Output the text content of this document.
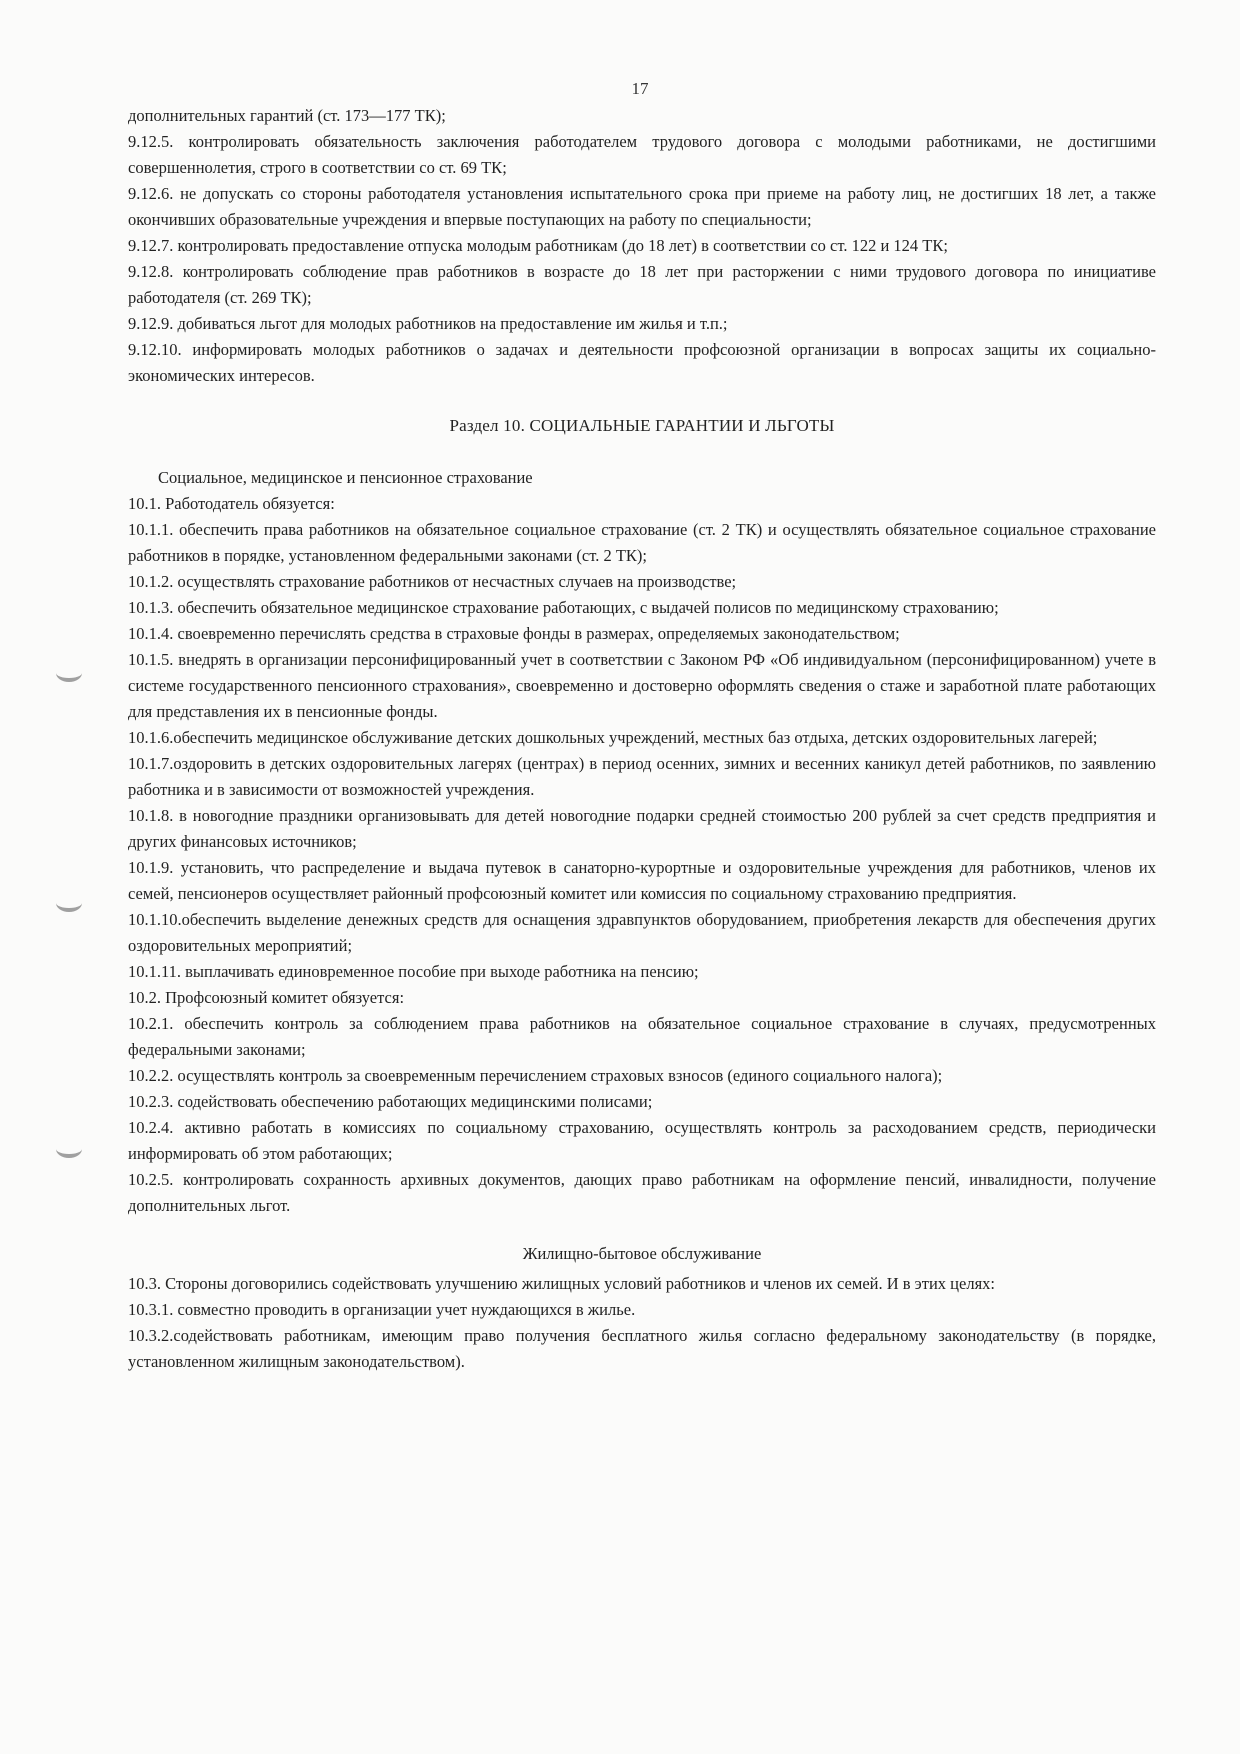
17

дополнительных гарантий (ст. 173—177 ТК);

9.12.5. контролировать обязательность заключения работодателем трудового договора с молодыми работниками, не достигшими совершеннолетия, строго в соответствии со ст. 69 ТК;

9.12.6. не допускать со стороны работодателя установления испытательного срока при приеме на работу лиц, не достигших 18 лет, а также окончивших образовательные учреждения и впервые поступающих на работу по специальности;

9.12.7. контролировать предоставление отпуска молодым работникам (до 18 лет) в соответствии со ст. 122 и 124 ТК;

9.12.8. контролировать соблюдение прав работников в возрасте до 18 лет при расторжении с ними трудового договора по инициативе работодателя (ст. 269 ТК);

9.12.9. добиваться льгот для молодых работников на предоставление им жилья и т.п.;

9.12.10. информировать молодых работников о задачах и деятельности профсоюзной организации в вопросах защиты их социально-экономических интересов.

Раздел 10. СОЦИАЛЬНЫЕ ГАРАНТИИ И ЛЬГОТЫ

Социальное, медицинское и пенсионное страхование

10.1. Работодатель обязуется:

10.1.1. обеспечить права работников на обязательное социальное страхование (ст. 2 ТК) и осуществлять обязательное социальное страхование работников в порядке, установленном федеральными законами (ст. 2 ТК);

10.1.2. осуществлять страхование работников от несчастных случаев на производстве;

10.1.3. обеспечить обязательное медицинское страхование работающих, с выдачей полисов по медицинскому страхованию;

10.1.4. своевременно перечислять средства в страховые фонды в размерах, определяемых законодательством;

10.1.5. внедрять в организации персонифицированный учет в соответствии с Законом РФ «Об индивидуальном (персонифицированном) учете в системе государственного пенсионного страхования», своевременно и достоверно оформлять сведения о стаже и заработной плате работающих для представления их в пенсионные фонды.

10.1.6.обеспечить медицинское обслуживание детских дошкольных учреждений, местных баз отдыха, детских оздоровительных лагерей;

10.1.7.оздоровить в детских оздоровительных лагерях (центрах) в период осенних, зимних и весенних каникул детей работников, по заявлению работника и в зависимости от возможностей учреждения.

10.1.8. в новогодние праздники организовывать для детей новогодние подарки средней стоимостью 200 рублей за счет средств предприятия и других финансовых источников;

10.1.9. установить, что распределение и выдача путевок в санаторно-курортные и оздоровительные учреждения для работников, членов их семей, пенсионеров осуществляет районный профсоюзный комитет или комиссия по социальному страхованию предприятия.

10.1.10.обеспечить выделение денежных средств для оснащения здравпунктов оборудованием, приобретения лекарств для обеспечения других оздоровительных мероприятий;

10.1.11. выплачивать единовременное пособие при выходе работника на пенсию;

10.2. Профсоюзный комитет обязуется:

10.2.1. обеспечить контроль за соблюдением права работников на обязательное социальное страхование в случаях, предусмотренных федеральными законами;

10.2.2. осуществлять контроль за своевременным перечислением страховых взносов (единого социального налога);

10.2.3. содействовать обеспечению работающих медицинскими полисами;

10.2.4. активно работать в комиссиях по социальному страхованию, осуществлять контроль за расходованием средств, периодически информировать об этом работающих;

10.2.5. контролировать сохранность архивных документов, дающих право работникам на оформление пенсий, инвалидности, получение дополнительных льгот.

Жилищно-бытовое обслуживание

10.3. Стороны договорились содействовать улучшению жилищных условий работников и членов их семей. И в этих целях:

10.3.1. совместно проводить в организации учет нуждающихся в жилье.

10.3.2.содействовать работникам, имеющим право получения бесплатного жилья согласно федеральному законодательству (в порядке, установленном жилищным законодательством).
